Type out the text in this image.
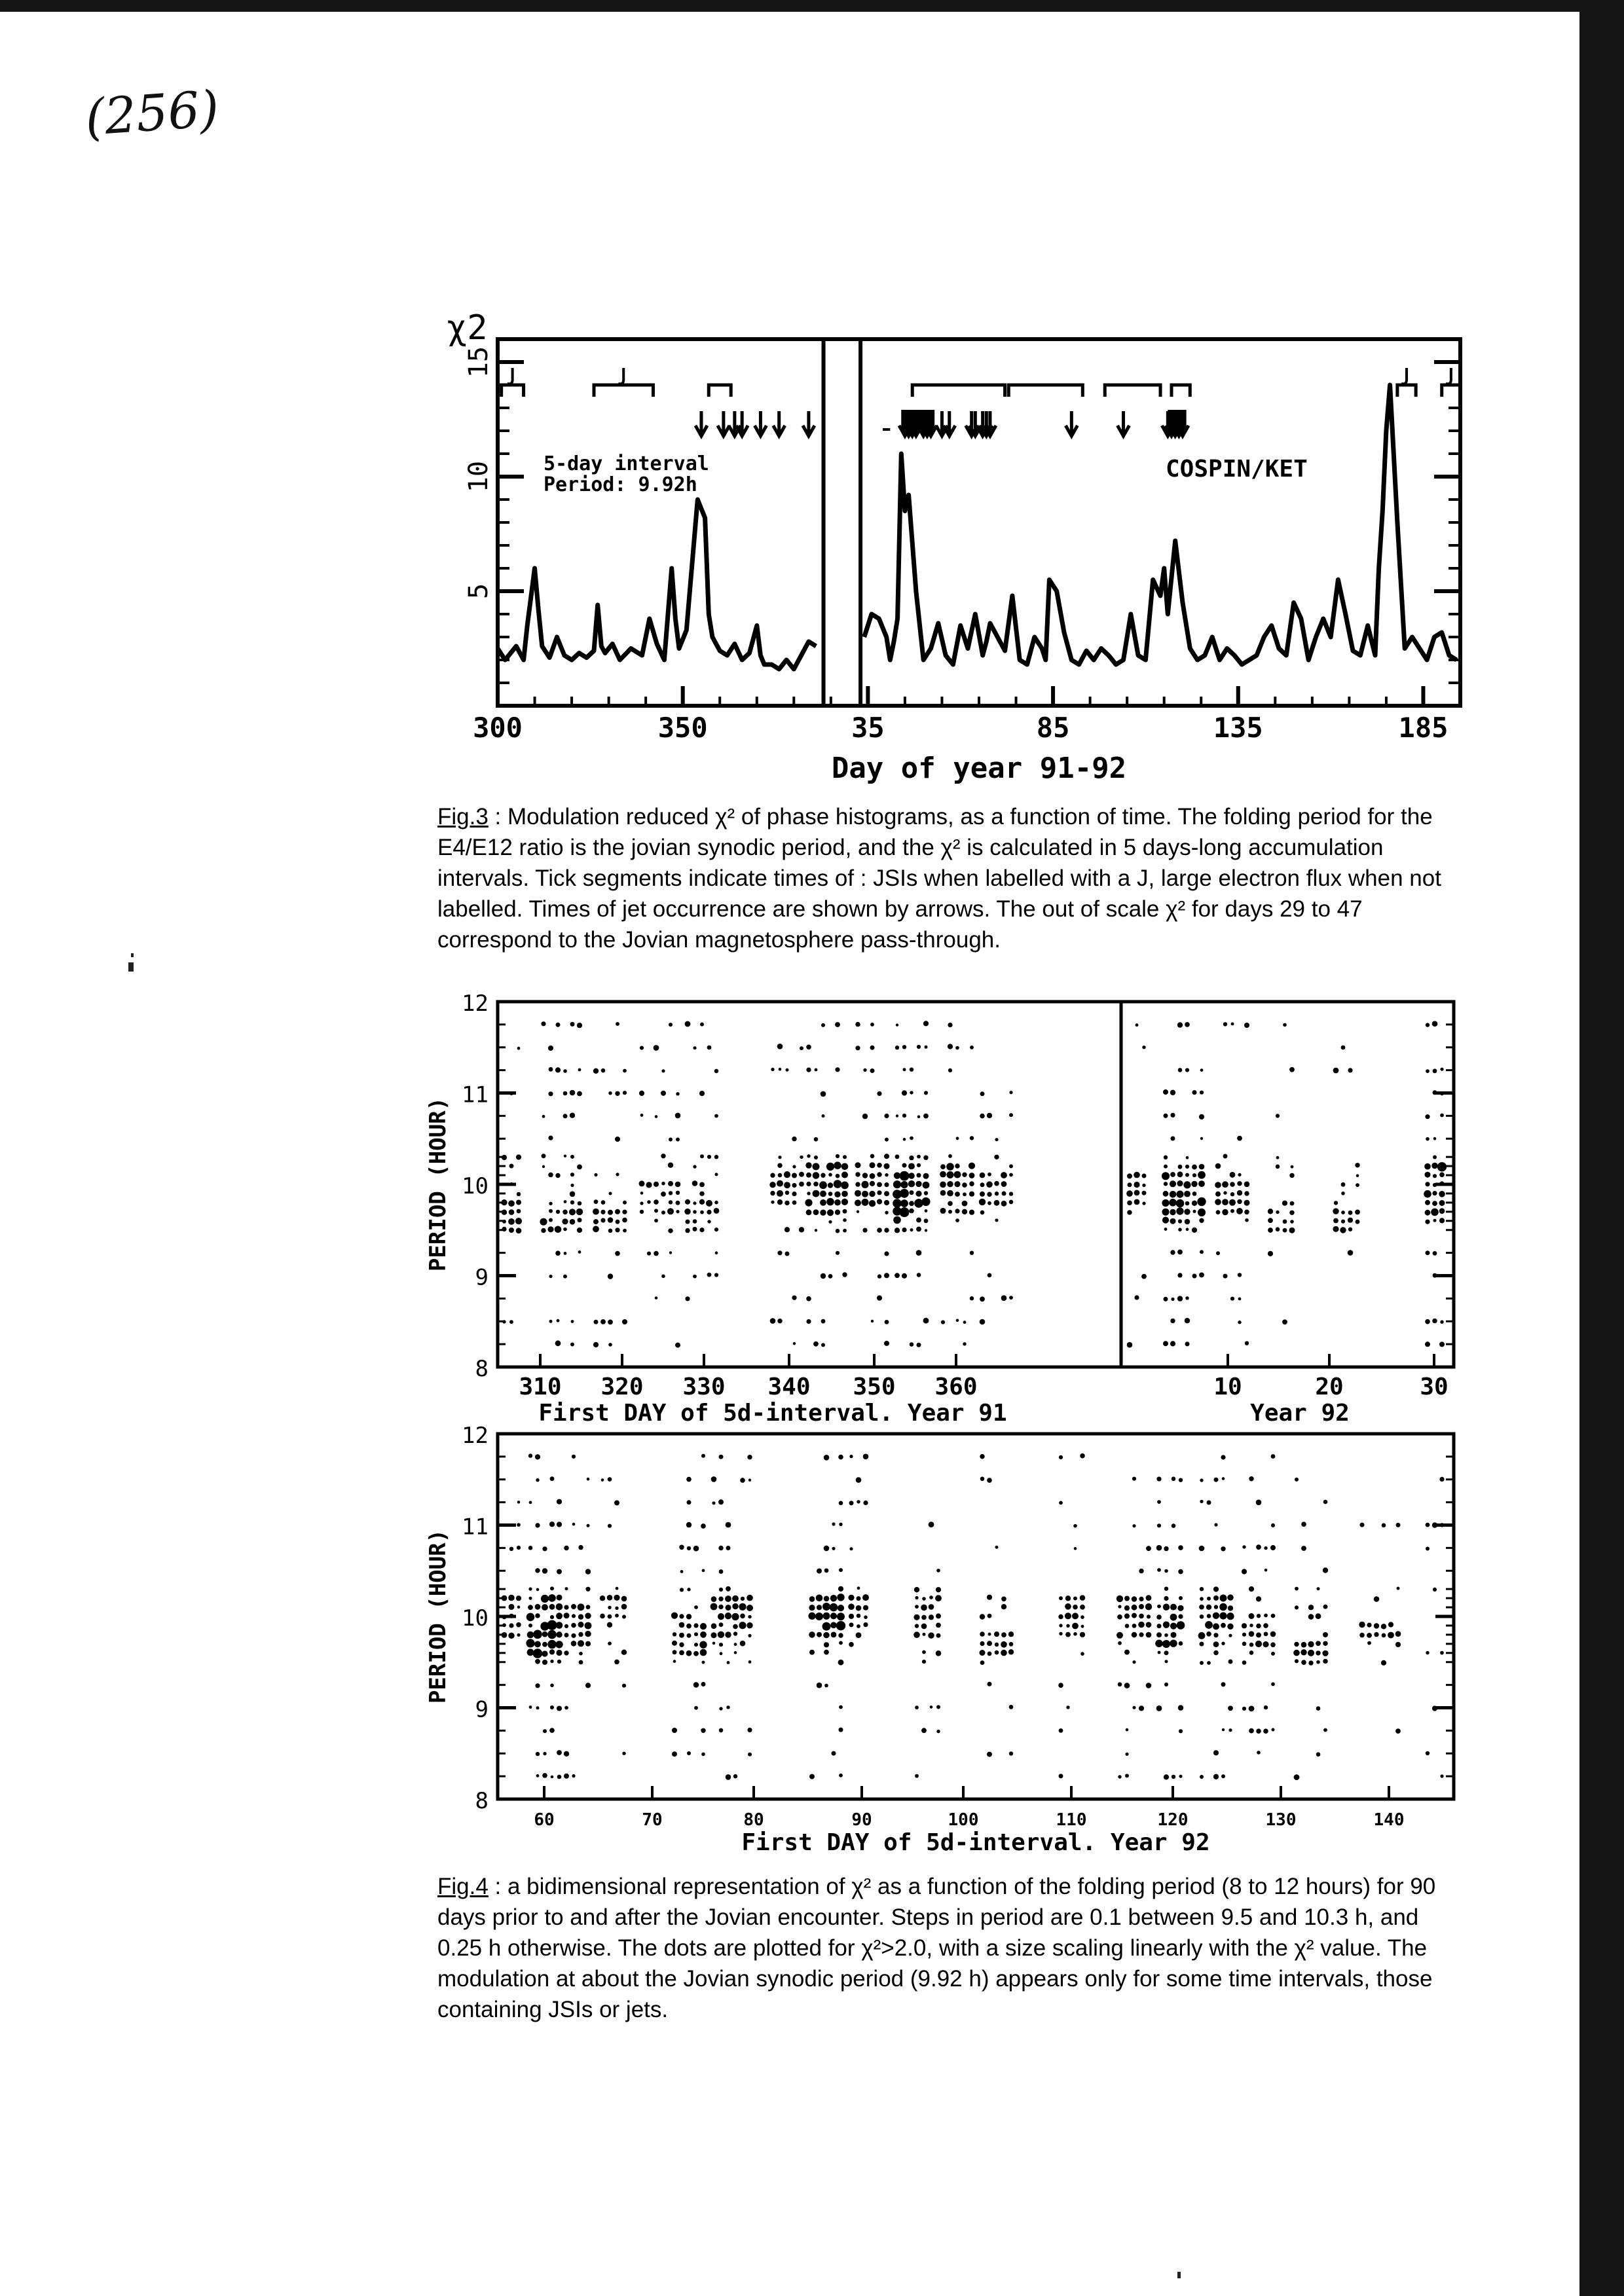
(256)
5
10
15
χ2
300	350	35	85	135	185
Day of year 91-92
5-day interval
Period: 9.92h
COSPIN/KET
Fig.3 : Modulation reduced χ² of phase histograms, as a function of time. The folding period for the E4/E12 ratio is the jovian synodic period, and the χ² is calculated in 5 days-long accumulation intervals. Tick segments indicate times of : JSIs when labelled with a J, large electron flux when not labelled. Times of jet occurrence are shown by arrows. The out of scale χ² for days 29 to 47 correspond to the Jovian magnetosphere pass-through.
8
9
10
11
12
PERIOD (HOUR)
310 320 330 340 350 360	10	20	30
First DAY of 5d-interval. Year 91	Year 92
8
9
10
11
12
PERIOD (HOUR)
60	70	80	90	100	110	120	130	140
First DAY of 5d-interval. Year 92
Fig.4 : a bidimensional representation of χ² as a function of the folding period (8 to 12 hours) for 90 days prior to and after the Jovian encounter. Steps in period are 0.1 between 9.5 and 10.3 h, and 0.25 h otherwise. The dots are plotted for χ²>2.0, with a size scaling linearly with the χ² value. The modulation at about the Jovian synodic period (9.92 h) appears only for some time intervals, those containing JSIs or jets.
